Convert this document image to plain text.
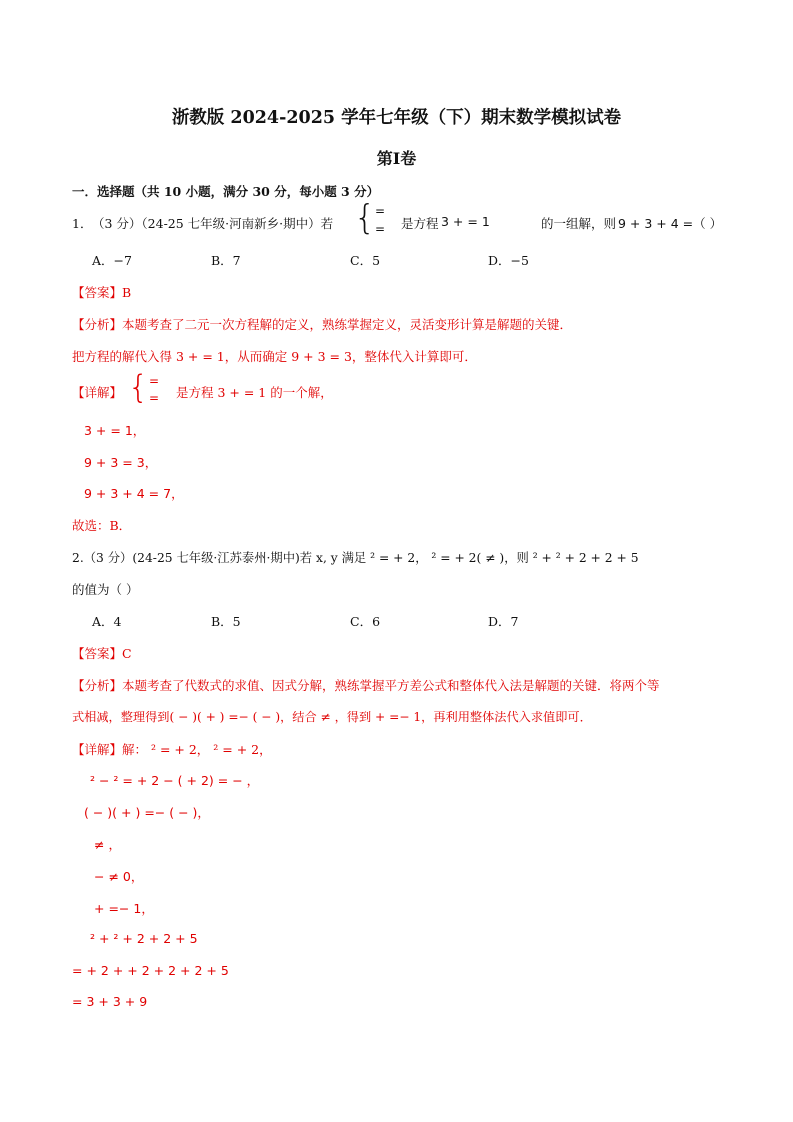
浙教版 2024-2025 学年七年级（下）期末数学模拟试卷
第I卷
一．选择题（共 10 小题，满分 30 分，每小题 3 分）
1． （3 分）（24-25 七年级·河南新乡·期中）若 { =
= 是方程 3 + = 1	的一组解，则 9 + 3 + 4 =（ ）
A．−7	B．7	C．5	D．−5
【答案】B
【分析】本题考查了二元一次方程解的定义，熟练掌握定义，灵活变形计算是解题的关键．
把方程的解代入得 3 + = 1，从而确定 9 + 3 = 3，整体代入计算即可．
【详解】 { =
= 是方程 3 + = 1 的一个解，
3 + = 1，
9 + 3 = 3，
9 + 3 + 4 = 7，
故选：B．
2.（3 分）(24-25 七年级·江苏泰州·期中)若 x, y 满足 ² = + 2， ² = + 2( ≠ )，则 ² + ² + 2 + 2 + 5
的值为（ ）
A．4	B．5	C．6	D．7
【答案】C
【分析】本题考查了代数式的求值、因式分解，熟练掌握平方差公式和整体代入法是解题的关键．将两个等
式相减，整理得到( − )( + ) =− ( − )，结合 ≠ ，得到 + =− 1，再利用整体法代入求值即可．
【详解】解： ² = + 2， ² = + 2，
² − ² = + 2 − ( + 2) = − ，
( − )( + ) =− ( − )，
≠ ，
− ≠ 0，
+ =− 1，
² + ² + 2 + 2 + 5
= + 2 + + 2 + 2 + 2 + 5
= 3 + 3 + 9
